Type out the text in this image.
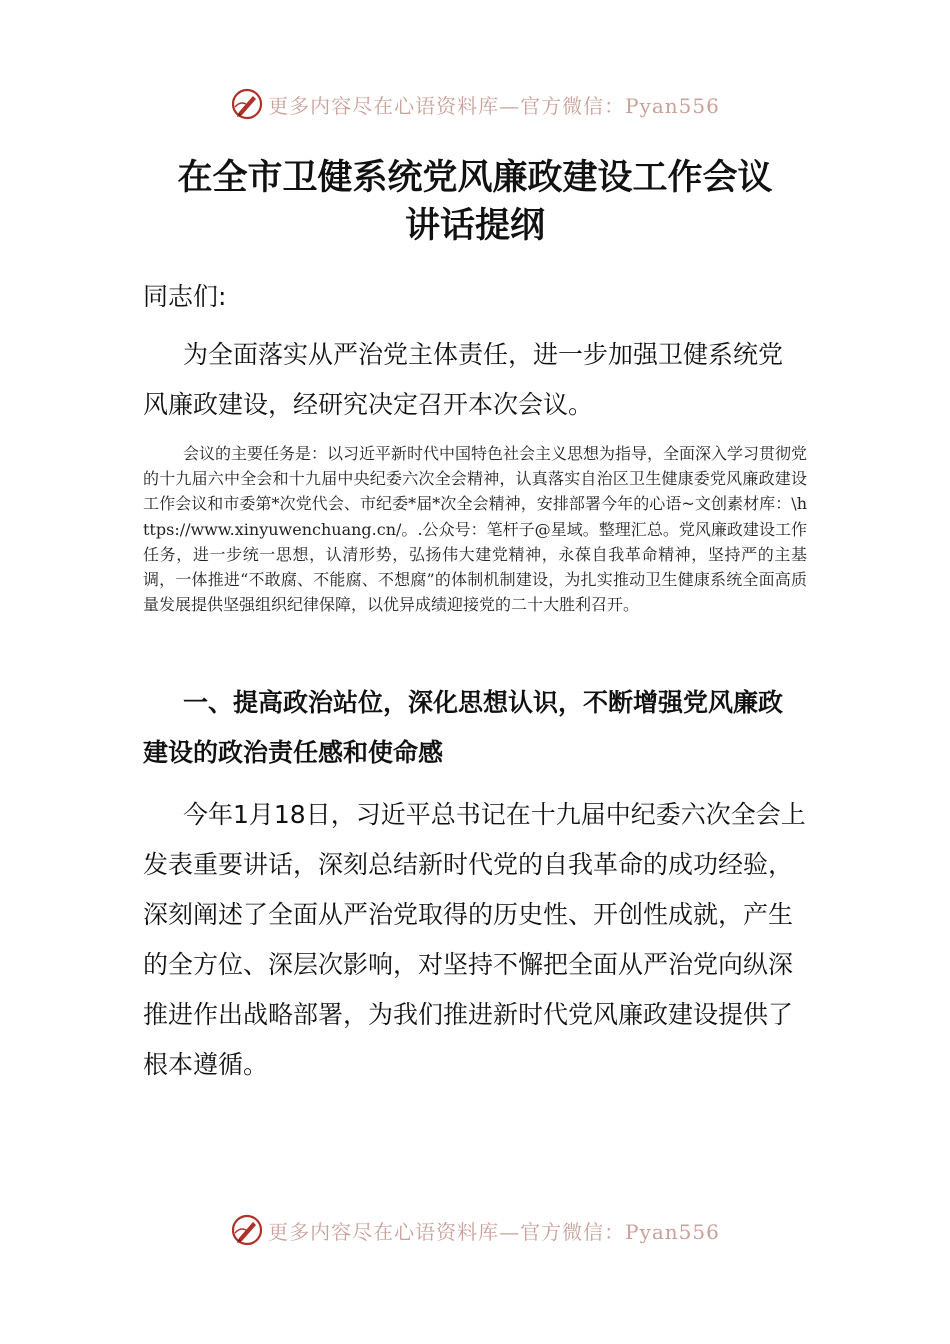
更多内容尽在心语资料库—官方微信：Pyan556
在全市卫健系统党风廉政建设工作会议
讲话提纲

同志们:

为全面落实从严治党主体责任，进一步加强卫健系统党风廉政建设，经研究决定召开本次会议。

会议的主要任务是：以习近平新时代中国特色社会主义思想为指导，全面深入学习贯彻党的十九届六中全会和十九届中央纪委六次全会精神，认真落实自治区卫生健康委党风廉政建设工作会议和市委第*次党代会、市纪委*届*次全会精神，安排部署今年的心语~文创素材库：\https://www.xinyuwenchuang.cn/。.公众号：笔杆子@星域。整理汇总。党风廉政建设工作任务，进一步统一思想，认清形势，弘扬伟大建党精神，永葆自我革命精神，坚持严的主基调，一体推进“不敢腐、不能腐、不想腐”的体制机制建设，为扎实推动卫生健康系统全面高质量发展提供坚强组织纪律保障，以优异成绩迎接党的二十大胜利召开。

一、提高政治站位，深化思想认识，不断增强党风廉政建设的政治责任感和使命感

今年1月18日，习近平总书记在十九届中纪委六次全会上发表重要讲话，深刻总结新时代党的自我革命的成功经验，深刻阐述了全面从严治党取得的历史性、开创性成就，产生的全方位、深层次影响，对坚持不懈把全面从严治党向纵深推进作出战略部署，为我们推进新时代党风廉政建设提供了根本遵循。

更多内容尽在心语资料库—官方微信：Pyan556
